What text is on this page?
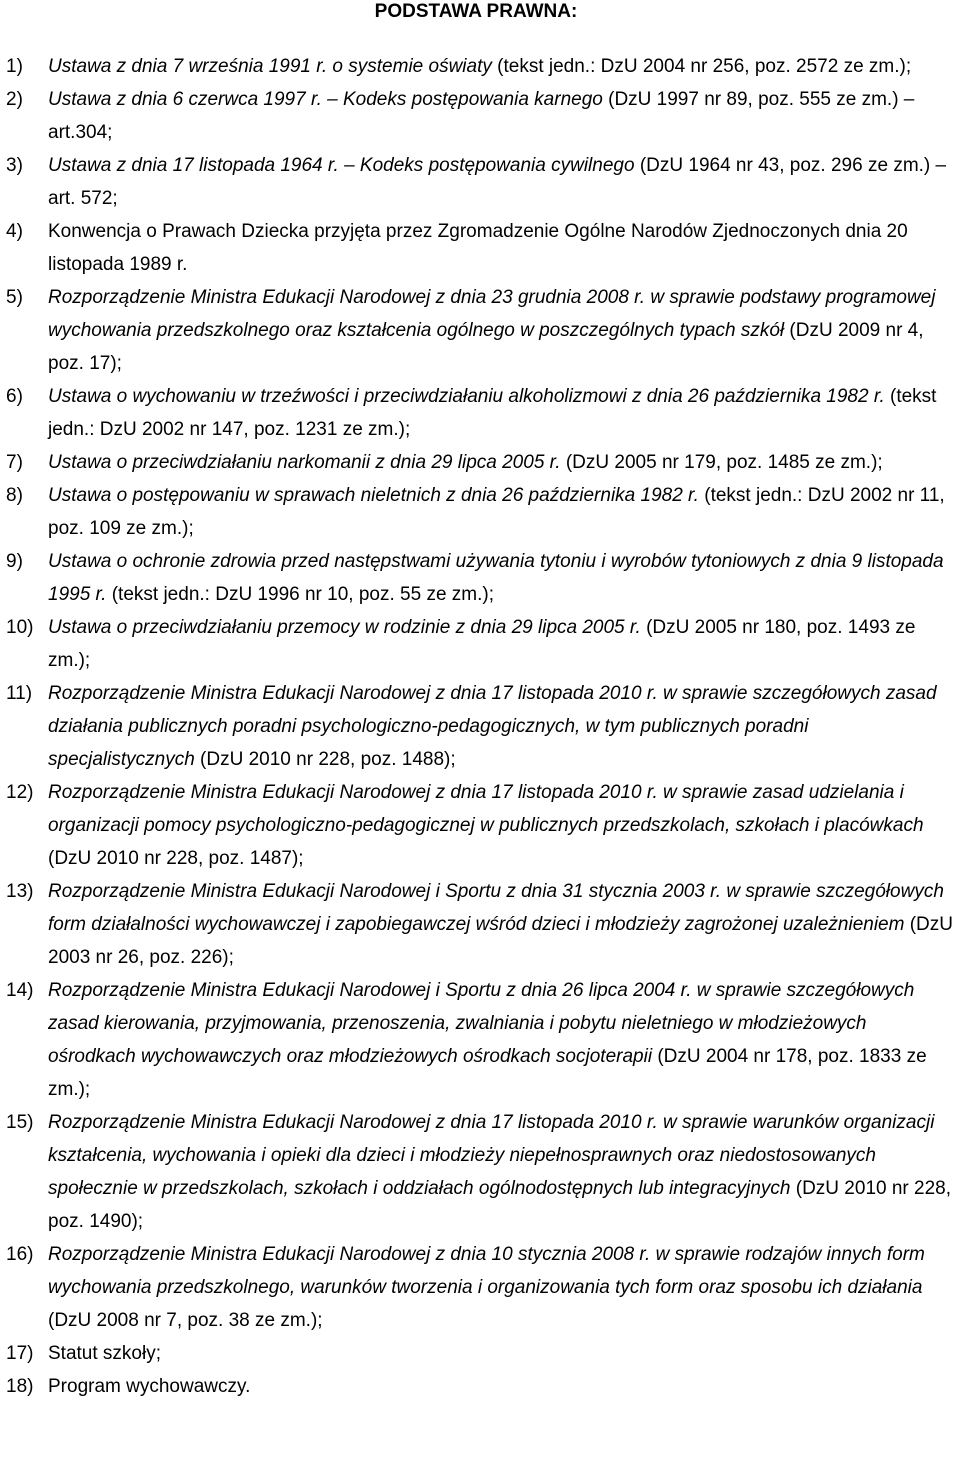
PODSTAWA PRAWNA:
1) Ustawa z dnia 7 września 1991 r. o systemie oświaty (tekst jedn.: DzU 2004 nr 256, poz. 2572 ze zm.);
2) Ustawa z dnia 6 czerwca 1997 r. – Kodeks postępowania karnego (DzU 1997 nr 89, poz. 555 ze zm.) – art.304;
3) Ustawa z dnia 17 listopada 1964 r. – Kodeks postępowania cywilnego (DzU 1964 nr 43, poz. 296 ze zm.) – art. 572;
4) Konwencja o Prawach Dziecka przyjęta przez Zgromadzenie Ogólne Narodów Zjednoczonych dnia 20 listopada 1989 r.
5) Rozporządzenie Ministra Edukacji Narodowej z dnia 23 grudnia 2008 r. w sprawie podstawy programowej wychowania przedszkolnego oraz kształcenia ogólnego w poszczególnych typach szkół (DzU 2009 nr 4, poz. 17);
6) Ustawa o wychowaniu w trzeźwości i przeciwdziałaniu alkoholizmowi z dnia 26 października 1982 r. (tekst jedn.: DzU 2002 nr 147, poz. 1231 ze zm.);
7) Ustawa o przeciwdziałaniu narkomanii z dnia 29 lipca 2005 r. (DzU 2005 nr 179, poz. 1485 ze zm.);
8) Ustawa o postępowaniu w sprawach nieletnich z dnia 26 października 1982 r. (tekst jedn.: DzU 2002 nr 11, poz. 109 ze zm.);
9) Ustawa o ochronie zdrowia przed następstwami używania tytoniu i wyrobów tytoniowych z dnia 9 listopada 1995 r. (tekst jedn.: DzU 1996 nr 10, poz. 55 ze zm.);
10) Ustawa o przeciwdziałaniu przemocy w rodzinie z dnia 29 lipca 2005 r. (DzU 2005 nr 180, poz. 1493 ze zm.);
11) Rozporządzenie Ministra Edukacji Narodowej z dnia 17 listopada 2010 r. w sprawie szczegółowych zasad działania publicznych poradni psychologiczno-pedagogicznych, w tym publicznych poradni specjalistycznych (DzU 2010 nr 228, poz. 1488);
12) Rozporządzenie Ministra Edukacji Narodowej z dnia 17 listopada 2010 r. w sprawie zasad udzielania i organizacji pomocy psychologiczno-pedagogicznej w publicznych przedszkolach, szkołach i placówkach (DzU 2010 nr 228, poz. 1487);
13) Rozporządzenie Ministra Edukacji Narodowej i Sportu z dnia 31 stycznia 2003 r. w sprawie szczegółowych form działalności wychowawczej i zapobiegawczej wśród dzieci i młodzieży zagrożonej uzależnieniem (DzU 2003 nr 26, poz. 226);
14) Rozporządzenie Ministra Edukacji Narodowej i Sportu z dnia 26 lipca 2004 r. w sprawie szczegółowych zasad kierowania, przyjmowania, przenoszenia, zwalniania i pobytu nieletniego w młodzieżowych ośrodkach wychowawczych oraz młodzieżowych ośrodkach socjoterapii (DzU 2004 nr 178, poz. 1833 ze zm.);
15) Rozporządzenie Ministra Edukacji Narodowej z dnia 17 listopada 2010 r. w sprawie warunków organizacji kształcenia, wychowania i opieki dla dzieci i młodzieży niepełnosprawnych oraz niedostosowanych społecznie w przedszkolach, szkołach i oddziałach ogólnodostępnych lub integracyjnych (DzU 2010 nr 228, poz. 1490);
16) Rozporządzenie Ministra Edukacji Narodowej z dnia 10 stycznia 2008 r. w sprawie rodzajów innych form wychowania przedszkolnego, warunków tworzenia i organizowania tych form oraz sposobu ich działania (DzU 2008 nr 7, poz. 38 ze zm.);
17) Statut szkoły;
18) Program wychowawczy.
